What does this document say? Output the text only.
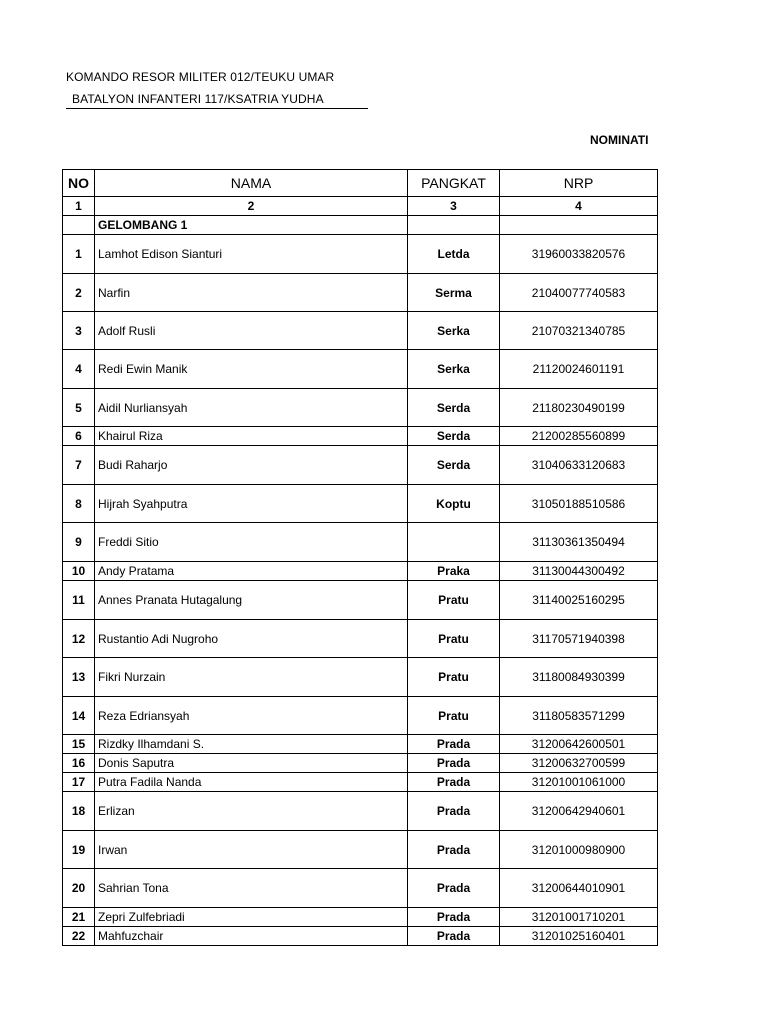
KOMANDO RESOR MILITER 012/TEUKU UMAR
BATALYON INFANTERI 117/KSATRIA YUDHA
NOMINATI
NO	NAMA	PANGKAT	NRP
1	2	3	4
	GELOMBANG 1		
1	Lamhot Edison Sianturi	Letda	31960033820576
2	Narfin	Serma	21040077740583
3	Adolf Rusli	Serka	21070321340785
4	Redi Ewin Manik	Serka	21120024601191
5	Aidil Nurliansyah	Serda	21180230490199
6	Khairul Riza	Serda	21200285560899
7	Budi Raharjo	Serda	31040633120683
8	Hijrah Syahputra	Koptu	31050188510586
9	Freddi Sitio		31130361350494
10	Andy Pratama	Praka	31130044300492
11	Annes Pranata Hutagalung	Pratu	31140025160295
12	Rustantio Adi Nugroho	Pratu	31170571940398
13	Fikri Nurzain	Pratu	31180084930399
14	Reza Edriansyah	Pratu	31180583571299
15	Rizdky Ilhamdani S.	Prada	31200642600501
16	Donis Saputra	Prada	31200632700599
17	Putra Fadila Nanda	Prada	31201001061000
18	Erlizan	Prada	31200642940601
19	Irwan	Prada	31201000980900
20	Sahrian Tona	Prada	31200644010901
21	Zepri Zulfebriadi	Prada	31201001710201
22	Mahfuzchair	Prada	31201025160401
